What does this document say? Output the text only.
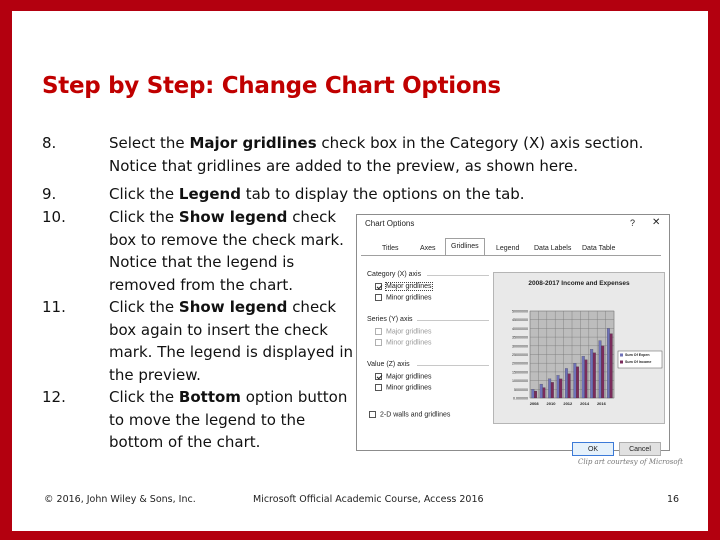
Step by Step: Change Chart Options
8.	Select the Major gridlines check box in the Category (X) axis section. Notice that gridlines are added to the preview, as shown here.
9.	Click the Legend tab to display the options on the tab.
10.	Click the Show legend check box to remove the check mark. Notice that the legend is removed from the chart.
11.	Click the Show legend check box again to insert the check mark. The legend is displayed in the preview.
12.	Click the Bottom option button to move the legend to the bottom of the chart.
Clip art courtesy of Microsoft
© 2016, John Wiley & Sons, Inc.	Microsoft Official Academic Course, Access 2016	16
Chart Options	? ✕
Titles	Axes	Gridlines	Legend	Data Labels	Data Table
Category (X) axis
Major gridlines
Minor gridlines
Series (Y) axis
Major gridlines
Minor gridlines
Value (Z) axis
Major gridlines
Minor gridlines
2-D walls and gridlines
2008-2017 Income and Expenses
0.000000
5000000
10000000
15000000
20000000
25000000
30000000
35000000
40000000
45000000
50000000
2008 2010 2012 2014 2016
Sum Of Expen
Sum Of Income
OK	Cancel
